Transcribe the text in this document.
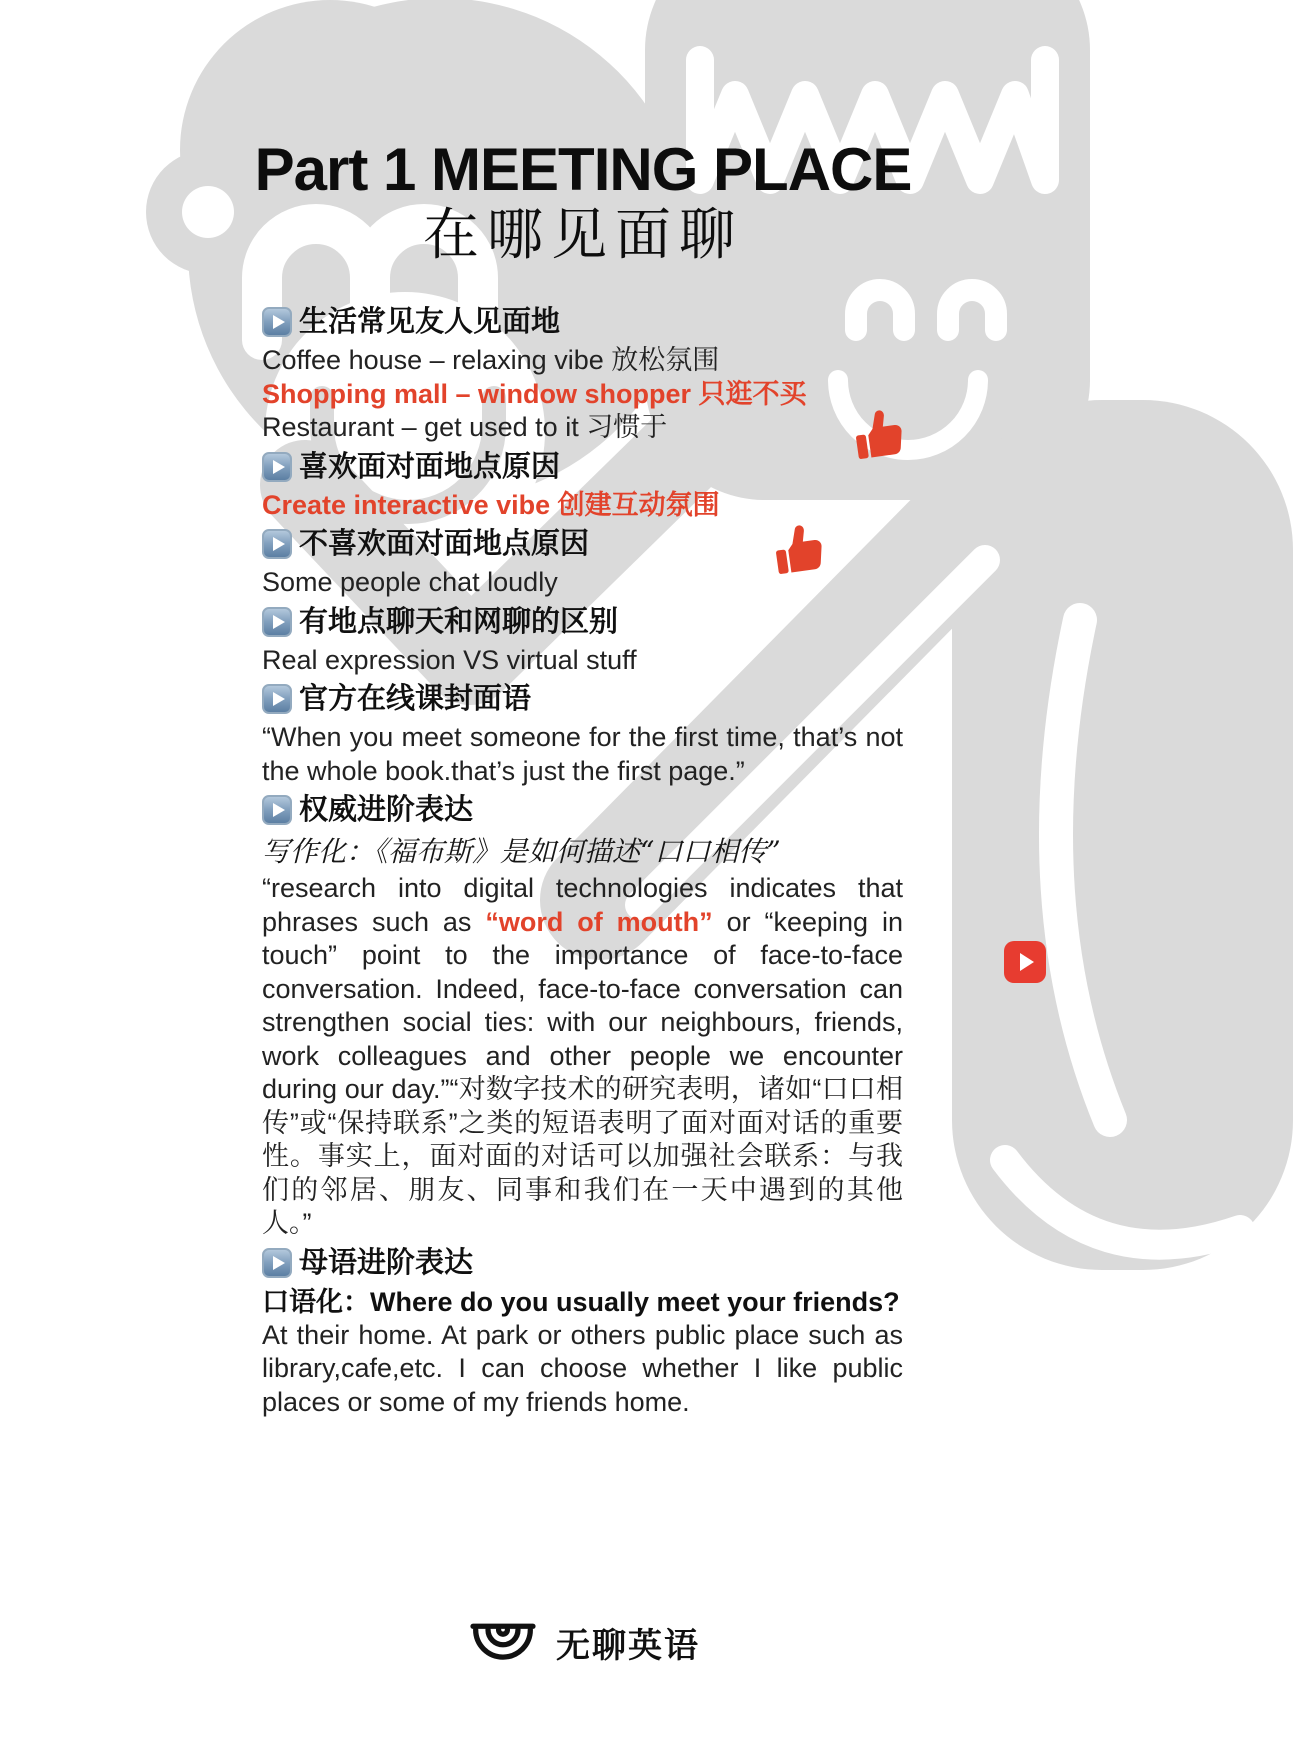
Part 1 MEETING PLACE
在哪见面聊
生活常见友人见面地
Coffee house – relaxing vibe 放松氛围
Shopping mall – window shopper 只逛不买
Restaurant – get used to it 习惯于
喜欢面对面地点原因
Create interactive vibe 创建互动氛围
不喜欢面对面地点原因
Some people chat loudly
有地点聊天和网聊的区别
Real expression VS virtual stuff
官方在线课封面语

“When you meet someone for the first time, that’s not the whole book.that’s just the first page.”

权威进阶表达
写作化：《福布斯》是如何描述“口口相传”

“research into digital technologies indicates that phrases such as “word of mouth” or “keeping in touch” point to the importance of face-to-face conversation. Indeed, face-to-face conversation can strengthen social ties: with our neighbours, friends, work colleagues and other people we encounter during our day.”“对数字技术的研究表明，诸如“口口相传”或“保持联系”之类的短语表明了面对面对话的重要性。事实上，面对面的对话可以加强社会联系：与我们的邻居、朋友、同事和我们在一天中遇到的其他人。”

母语进阶表达
口语化：Where do you usually meet your friends?

At their home. At park or others public place such as library,cafe,etc. I can choose whether I like public places or some of my friends home.

无聊英语
